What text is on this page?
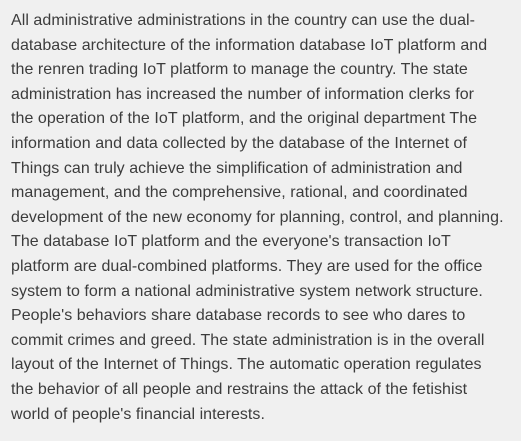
All administrative administrations in the country can use the dual-
database architecture of the information database IoT platform and
the renren trading IoT platform to manage the country. The state
administration has increased the number of information clerks for
the operation of the IoT platform, and the original department The
information and data collected by the database of the Internet of
Things can truly achieve the simplification of administration and
management, and the comprehensive, rational, and coordinated
development of the new economy for planning, control, and planning.
The database IoT platform and the everyone's transaction IoT
platform are dual-combined platforms. They are used for the office
system to form a national administrative system network structure.
People's behaviors share database records to see who dares to
commit crimes and greed. The state administration is in the overall
layout of the Internet of Things. The automatic operation regulates
the behavior of all people and restrains the attack of the fetishist
world of people's financial interests.
